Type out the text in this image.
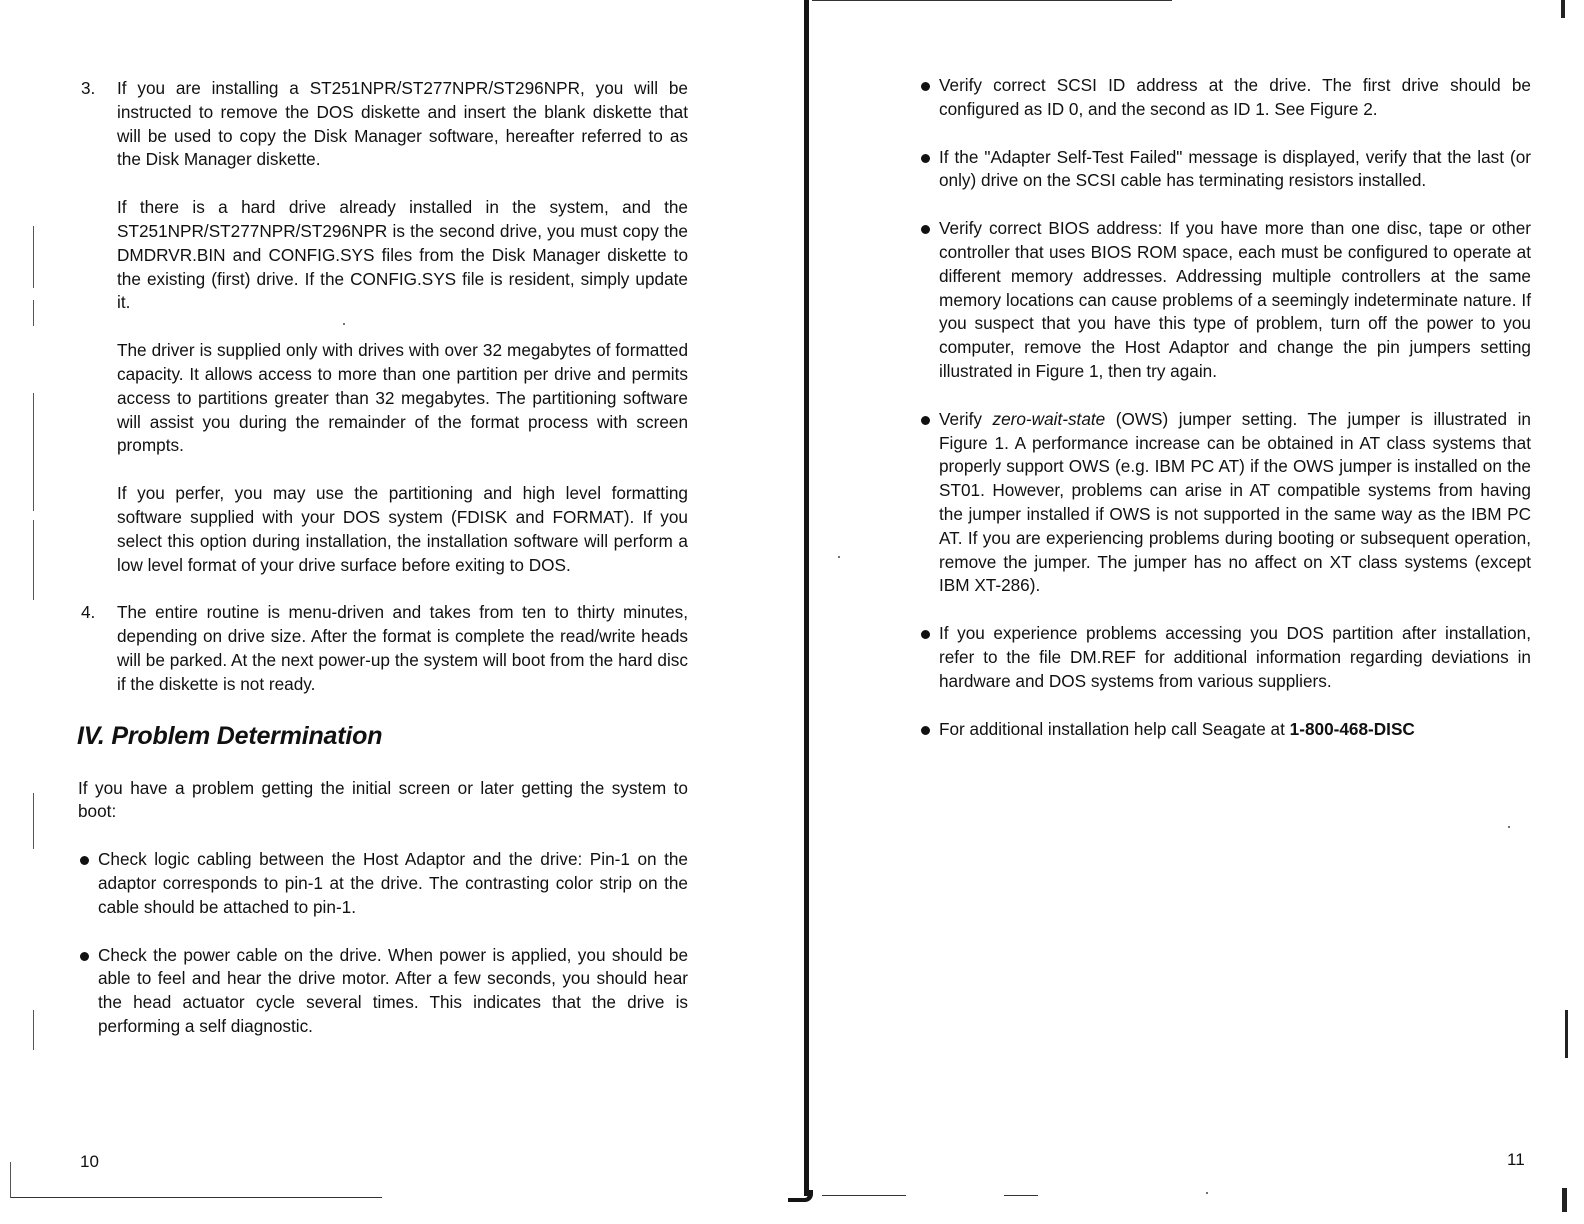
3. If you are installing a ST251NPR/ST277NPR/ST296NPR, you will be instructed to remove the DOS diskette and insert the blank diskette that will be used to copy the Disk Manager software, hereafter referred to as the Disk Manager diskette.

If there is a hard drive already installed in the system, and the ST251NPR/ST277NPR/ST296NPR is the second drive, you must copy the DMDRVR.BIN and CONFIG.SYS files from the Disk Manager diskette to the existing (first) drive. If the CONFIG.SYS file is resident, simply update it.

The driver is supplied only with drives with over 32 megabytes of formatted capacity. It allows access to more than one partition per drive and permits access to partitions greater than 32 megabytes. The partitioning software will assist you during the remainder of the format process with screen prompts.

If you perfer, you may use the partitioning and high level formatting software supplied with your DOS system (FDISK and FORMAT). If you select this option during installation, the installation software will perform a low level format of your drive surface before exiting to DOS.

4. The entire routine is menu-driven and takes from ten to thirty minutes, depending on drive size. After the format is complete the read/write heads will be parked. At the next power-up the system will boot from the hard disc if the diskette is not ready.

IV. Problem Determination

If you have a problem getting the initial screen or later getting the system to boot:

Check logic cabling between the Host Adaptor and the drive: Pin-1 on the adaptor corresponds to pin-1 at the drive. The contrasting color strip on the cable should be attached to pin-1.

Check the power cable on the drive. When power is applied, you should be able to feel and hear the drive motor. After a few seconds, you should hear the head actuator cycle several times. This indicates that the drive is performing a self diagnostic.

10

Verify correct SCSI ID address at the drive. The first drive should be configured as ID 0, and the second as ID 1. See Figure 2.

If the "Adapter Self-Test Failed" message is displayed, verify that the last (or only) drive on the SCSI cable has terminating resistors installed.

Verify correct BIOS address: If you have more than one disc, tape or other controller that uses BIOS ROM space, each must be configured to operate at different memory addresses. Addressing multiple controllers at the same memory locations can cause problems of a seemingly indeterminate nature. If you suspect that you have this type of problem, turn off the power to you computer, remove the Host Adaptor and change the pin jumpers setting illustrated in Figure 1, then try again.

Verify zero-wait-state (OWS) jumper setting. The jumper is illustrated in Figure 1. A performance increase can be obtained in AT class systems that properly support OWS (e.g. IBM PC AT) if the OWS jumper is installed on the ST01. However, problems can arise in AT compatible systems from having the jumper installed if OWS is not supported in the same way as the IBM PC AT. If you are experiencing problems during booting or subsequent operation, remove the jumper. The jumper has no affect on XT class systems (except IBM XT-286).

If you experience problems accessing you DOS partition after installation, refer to the file DM.REF for additional information regarding deviations in hardware and DOS systems from various suppliers.

For additional installation help call Seagate at 1-800-468-DISC

11
